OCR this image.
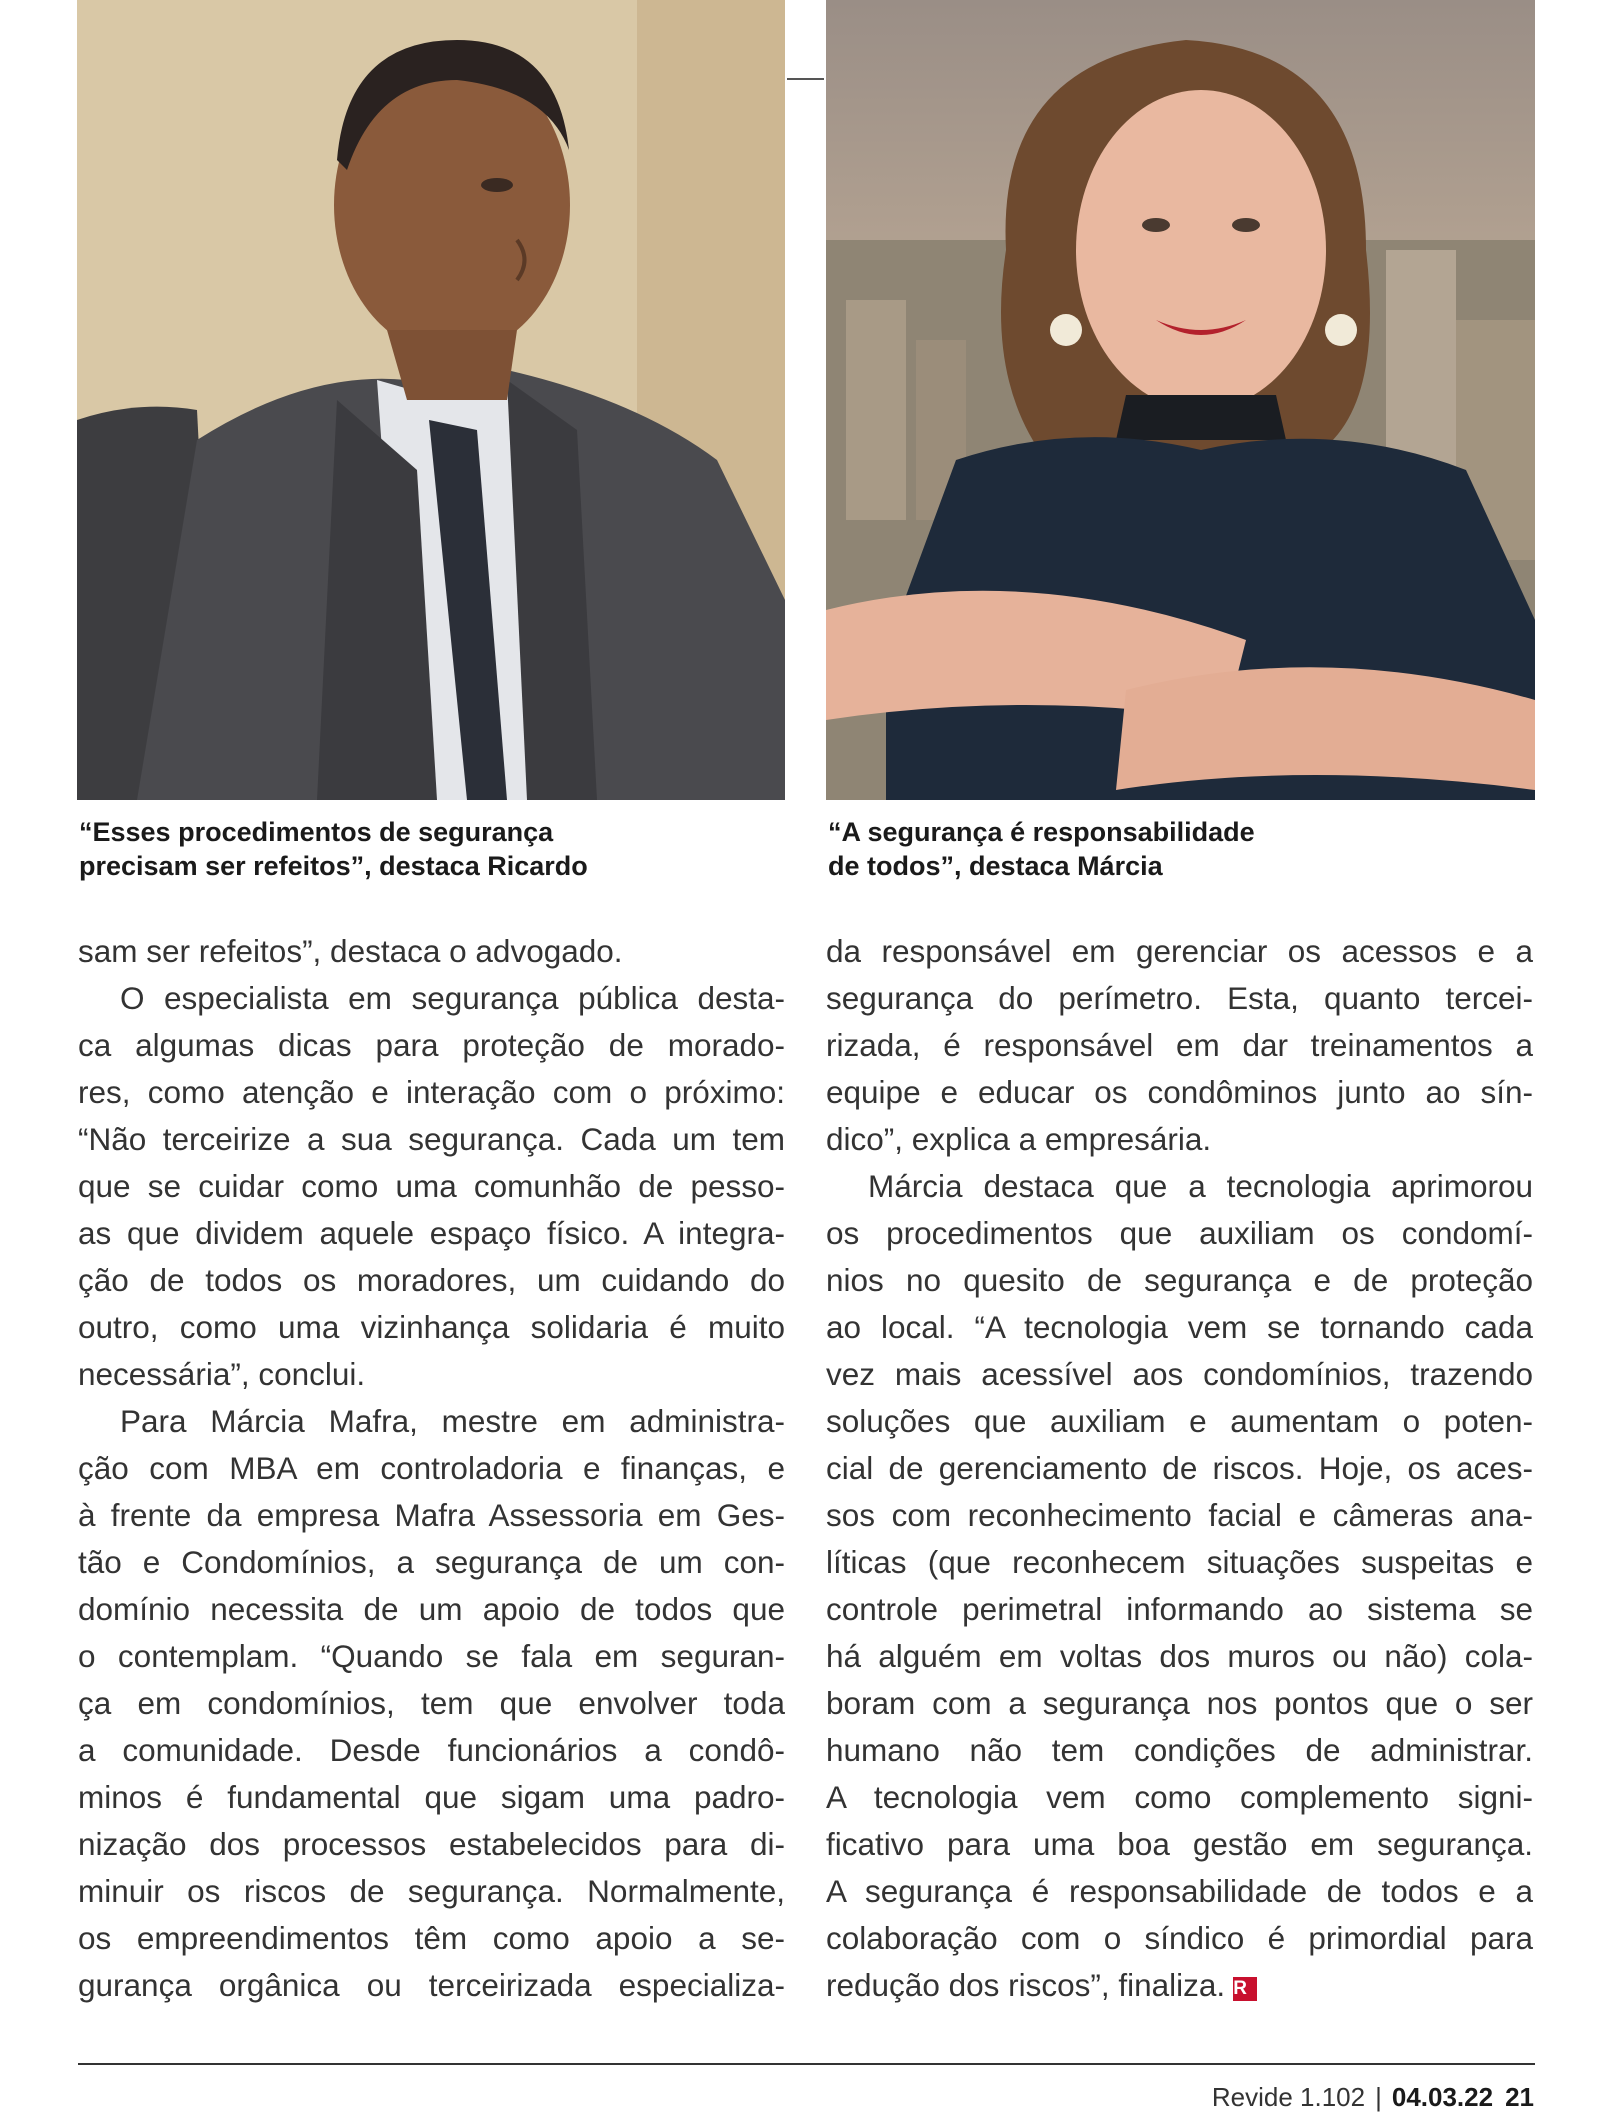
“Esses procedimentos de segurança
precisam ser refeitos”, destaca Ricardo
“A segurança é responsabilidade
de todos”, destaca Márcia

sam ser refeitos”, destaca o advogado.

O especialista em segurança pública desta-
ca algumas dicas para proteção de morado-
res, como atenção e interação com o próximo:
“Não terceirize a sua segurança. Cada um tem
que se cuidar como uma comunhão de pesso-
as que dividem aquele espaço físico. A integra-
ção de todos os moradores, um cuidando do
outro, como uma vizinhança solidaria é muito
necessária”, conclui.

Para Márcia Mafra, mestre em administra-
ção com MBA em controladoria e finanças, e
à frente da empresa Mafra Assessoria em Ges-
tão e Condomínios, a segurança de um con-
domínio necessita de um apoio de todos que
o contemplam. “Quando se fala em seguran-
ça em condomínios, tem que envolver toda
a comunidade. Desde funcionários a condô-
minos é fundamental que sigam uma padro-
nização dos processos estabelecidos para di-
minuir os riscos de segurança. Normalmente,
os empreendimentos têm como apoio a se-
gurança orgânica ou terceirizada especializa-

da responsável em gerenciar os acessos e a
segurança do perímetro. Esta, quanto tercei-
rizada, é responsável em dar treinamentos a
equipe e educar os condôminos junto ao sín-
dico”, explica a empresária.

Márcia destaca que a tecnologia aprimorou
os procedimentos que auxiliam os condomí-
nios no quesito de segurança e de proteção
ao local. “A tecnologia vem se tornando cada
vez mais acessível aos condomínios, trazendo
soluções que auxiliam e aumentam o poten-
cial de gerenciamento de riscos. Hoje, os aces-
sos com reconhecimento facial e câmeras ana-
líticas (que reconhecem situações suspeitas e
controle perimetral informando ao sistema se
há alguém em voltas dos muros ou não) cola-
boram com a segurança nos pontos que o ser
humano não tem condições de administrar.
A tecnologia vem como complemento signi-
ficativo para uma boa gestão em segurança.
A segurança é responsabilidade de todos e a
colaboração com o síndico é primordial para
redução dos riscos”, finaliza. R

Revide 1.102 | 04.03.22 21
